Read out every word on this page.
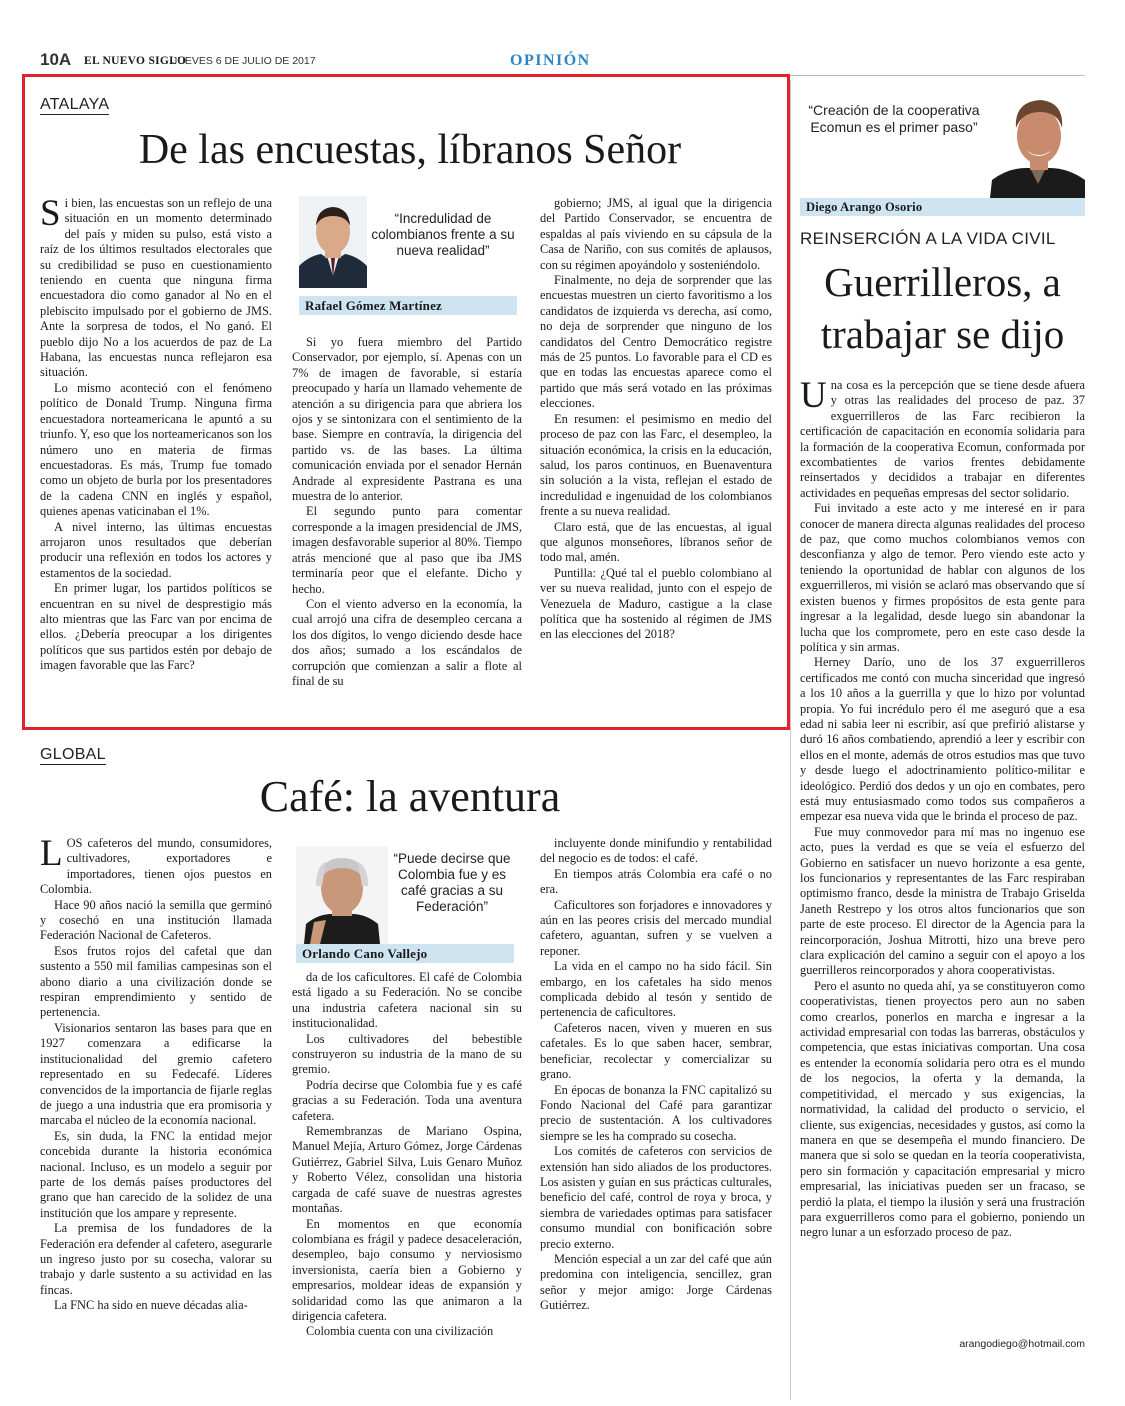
10A EL NUEVO SIGLO
JUEVES 6 DE JULIO DE 2017	OPINIÓN
ATALAYA
De las encuestas, líbranos Señor

Si bien, las encuestas son un reflejo de una situación en un momento determinado del país y miden su pulso, está visto a raíz de los últimos resultados electorales que su credibilidad se puso en cuestionamiento teniendo en cuenta que ninguna firma encuestadora dio como ganador al No en el plebiscito impulsado por el gobierno de JMS. Ante la sorpresa de todos, el No ganó. El pueblo dijo No a los acuerdos de paz de La Habana, las encuestas nunca reflejaron esa situación.

Lo mismo aconteció con el fenómeno político de Donald Trump. Ninguna firma encuestadora norteamericana le apuntó a su triunfo. Y, eso que los norteamericanos son los número uno en materia de firmas encuestadoras. Es más, Trump fue tomado como un objeto de burla por los presentadores de la cadena CNN en inglés y español, quienes apenas vaticinaban el 1%.

A nivel interno, las últimas encuestas arrojaron unos resultados que deberían producir una reflexión en todos los actores y estamentos de la sociedad.

En primer lugar, los partidos políticos se encuentran en su nivel de desprestigio más alto mientras que las Farc van por encima de ellos. ¿Debería preocupar a los dirigentes políticos que sus partidos estén por debajo de imagen favorable que las Farc?

“Incredulidad de colombianos frente a su nueva realidad”
Rafael Gómez Martínez

Si yo fuera miembro del Partido Conservador, por ejemplo, sí. Apenas con un 7% de imagen de favorable, si estaría preocupado y haría un llamado vehemente de atención a su dirigencia para que abriera los ojos y se sintonizara con el sentimiento de la base. Siempre en contravía, la dirigencia del partido vs. de las bases. La última comunicación enviada por el senador Hernán Andrade al expresidente Pastrana es una muestra de lo anterior.

El segundo punto para comentar corresponde a la imagen presidencial de JMS, imagen desfavorable superior al 80%. Tiempo atrás mencioné que al paso que iba JMS terminaría peor que el elefante. Dicho y hecho.

Con el viento adverso en la economía, la cual arrojó una cifra de desempleo cercana a los dos dígitos, lo vengo diciendo desde hace dos años; sumado a los escándalos de corrupción que comienzan a salir a flote al final de su

gobierno; JMS, al igual que la dirigencia del Partido Conservador, se encuentra de espaldas al país viviendo en su cápsula de la Casa de Nariño, con sus comités de aplausos, con su régimen apoyándolo y sosteniéndolo.

Finalmente, no deja de sorprender que las encuestas muestren un cierto favoritismo a los candidatos de izquierda vs derecha, así como, no deja de sorprender que ninguno de los candidatos del Centro Democrático registre más de 25 puntos. Lo favorable para el CD es que en todas las encuestas aparece como el partido que más será votado en las próximas elecciones.

En resumen: el pesimismo en medio del proceso de paz con las Farc, el desempleo, la situación económica, la crisis en la educación, salud, los paros continuos, en Buenaventura sin solución a la vista, reflejan el estado de incredulidad e ingenuidad de los colombianos frente a su nueva realidad.

Claro está, que de las encuestas, al igual que algunos monseñores, líbranos señor de todo mal, amén.

Puntilla: ¿Qué tal el pueblo colombiano al ver su nueva realidad, junto con el espejo de Venezuela de Maduro, castigue a la clase política que ha sostenido al régimen de JMS en las elecciones del 2018?

GLOBAL
Café: la aventura

LOS cafeteros del mundo, consumidores, cultivadores, exportadores e importadores, tienen ojos puestos en Colombia.

Hace 90 años nació la semilla que germinó y cosechó en una institución llamada Federación Nacional de Cafeteros.

Esos frutos rojos del cafetal que dan sustento a 550 mil familias campesinas son el abono diario a una civilización donde se respiran emprendimiento y sentido de pertenencia.

Visionarios sentaron las bases para que en 1927 comenzara a edificarse la institucionalidad del gremio cafetero representado en su Fedecafé. Líderes convencidos de la importancia de fijarle reglas de juego a una industria que era promisoria y marcaba el núcleo de la economía nacional.

Es, sin duda, la FNC la entidad mejor concebida durante la historia económica nacional. Incluso, es un modelo a seguir por parte de los demás países productores del grano que han carecido de la solidez de una institución que los ampare y represente.

La premisa de los fundadores de la Federación era defender al cafetero, asegurarle un ingreso justo por su cosecha, valorar su trabajo y darle sustento a su actividad en las fincas.

La FNC ha sido en nueve décadas alia-

“Puede decirse que Colombia fue y es café gracias a su Federación”
Orlando Cano Vallejo

da de los caficultores. El café de Colombia está ligado a su Federación. No se concibe una industria cafetera nacional sin su institucionalidad.

Los cultivadores del bebestible construyeron su industria de la mano de su gremio.

Podría decirse que Colombia fue y es café gracias a su Federación. Toda una aventura cafetera.

Remembranzas de Mariano Ospina, Manuel Mejía, Arturo Gómez, Jorge Cárdenas Gutiérrez, Gabriel Silva, Luis Genaro Muñoz y Roberto Vélez, consolidan una historia cargada de café suave de nuestras agrestes montañas.

En momentos en que economía colombiana es frágil y padece desaceleración, desempleo, bajo consumo y nerviosismo inversionista, caería bien a Gobierno y empresarios, moldear ideas de expansión y solidaridad como las que animaron a la dirigencia cafetera.

Colombia cuenta con una civilización

incluyente donde minifundio y rentabilidad del negocio es de todos: el café.

En tiempos atrás Colombia era café o no era.

Caficultores son forjadores e innovadores y aún en las peores crisis del mercado mundial cafetero, aguantan, sufren y se vuelven a reponer.

La vida en el campo no ha sido fácil. Sin embargo, en los cafetales ha sido menos complicada debido al tesón y sentido de pertenencia de caficultores.

Cafeteros nacen, viven y mueren en sus cafetales. Es lo que saben hacer, sembrar, beneficiar, recolectar y comercializar su grano.

En épocas de bonanza la FNC capitalizó su Fondo Nacional del Café para garantizar precio de sustentación. A los cultivadores siempre se les ha comprado su cosecha.

Los comités de cafeteros con servicios de extensión han sido aliados de los productores. Los asisten y guían en sus prácticas culturales, beneficio del café, control de roya y broca, y siembra de variedades optimas para satisfacer consumo mundial con bonificación sobre precio externo.

Mención especial a un zar del café que aún predomina con inteligencia, sencillez, gran señor y mejor amigo: Jorge Cárdenas Gutiérrez.

“Creación de la cooperativa Ecomun es el primer paso”
Diego Arango Osorio
REINSERCIÓN A LA VIDA CIVIL
Guerrilleros, a trabajar se dijo

Una cosa es la percepción que se tiene desde afuera y otras las realidades del proceso de paz. 37 exguerrilleros de las Farc recibieron la certificación de capacitación en economía solidaria para la formación de la cooperativa Ecomun, conformada por excombatientes de varios frentes debidamente reinsertados y decididos a trabajar en diferentes actividades en pequeñas empresas del sector solidario.

Fui invitado a este acto y me interesé en ir para conocer de manera directa algunas realidades del proceso de paz, que como muchos colombianos vemos con desconfianza y algo de temor. Pero viendo este acto y teniendo la oportunidad de hablar con algunos de los exguerrilleros, mi visión se aclaró mas observando que sí existen buenos y firmes propósitos de esta gente para ingresar a la legalidad, desde luego sin abandonar la lucha que los compromete, pero en este caso desde la política y sin armas.

Herney Darío, uno de los 37 exguerrilleros certificados me contó con mucha sinceridad que ingresó a los 10 años a la guerrilla y que lo hizo por voluntad propia. Yo fui incrédulo pero él me aseguró que a esa edad ni sabia leer ni escribir, así que prefirió alistarse y duró 16 años combatiendo, aprendió a leer y escribir con ellos en el monte, además de otros estudios mas que tuvo y desde luego el adoctrinamiento político-militar e ideológico. Perdió dos dedos y un ojo en combates, pero está muy entusiasmado como todos sus compañeros a empezar esa nueva vida que le brinda el proceso de paz.

Fue muy conmovedor para mí mas no ingenuo ese acto, pues la verdad es que se veía el esfuerzo del Gobierno en satisfacer un nuevo horizonte a esa gente, los funcionarios y representantes de las Farc respiraban optimismo franco, desde la ministra de Trabajo Griselda Janeth Restrepo y los otros altos funcionarios que son parte de este proceso. El director de la Agencia para la reincorporación, Joshua Mitrotti, hizo una breve pero clara explicación del camino a seguir con el apoyo a los guerrilleros reincorporados y ahora cooperativistas.

Pero el asunto no queda ahí, ya se constituyeron como cooperativistas, tienen proyectos pero aun no saben como crearlos, ponerlos en marcha e ingresar a la actividad empresarial con todas las barreras, obstáculos y competencia, que estas iniciativas comportan. Una cosa es entender la economía solidaria pero otra es el mundo de los negocios, la oferta y la demanda, la competitividad, el mercado y sus exigencias, la normatividad, la calidad del producto o servicio, el cliente, sus exigencias, necesidades y gustos, así como la manera en que se desempeña el mundo financiero. De manera que si solo se quedan en la teoría cooperativista, pero sin formación y capacitación empresarial y micro empresarial, las iniciativas pueden ser un fracaso, se perdió la plata, el tiempo la ilusión y será una frustración para exguerrilleros como para el gobierno, poniendo un negro lunar a un esforzado proceso de paz.

arangodiego@hotmail.com
